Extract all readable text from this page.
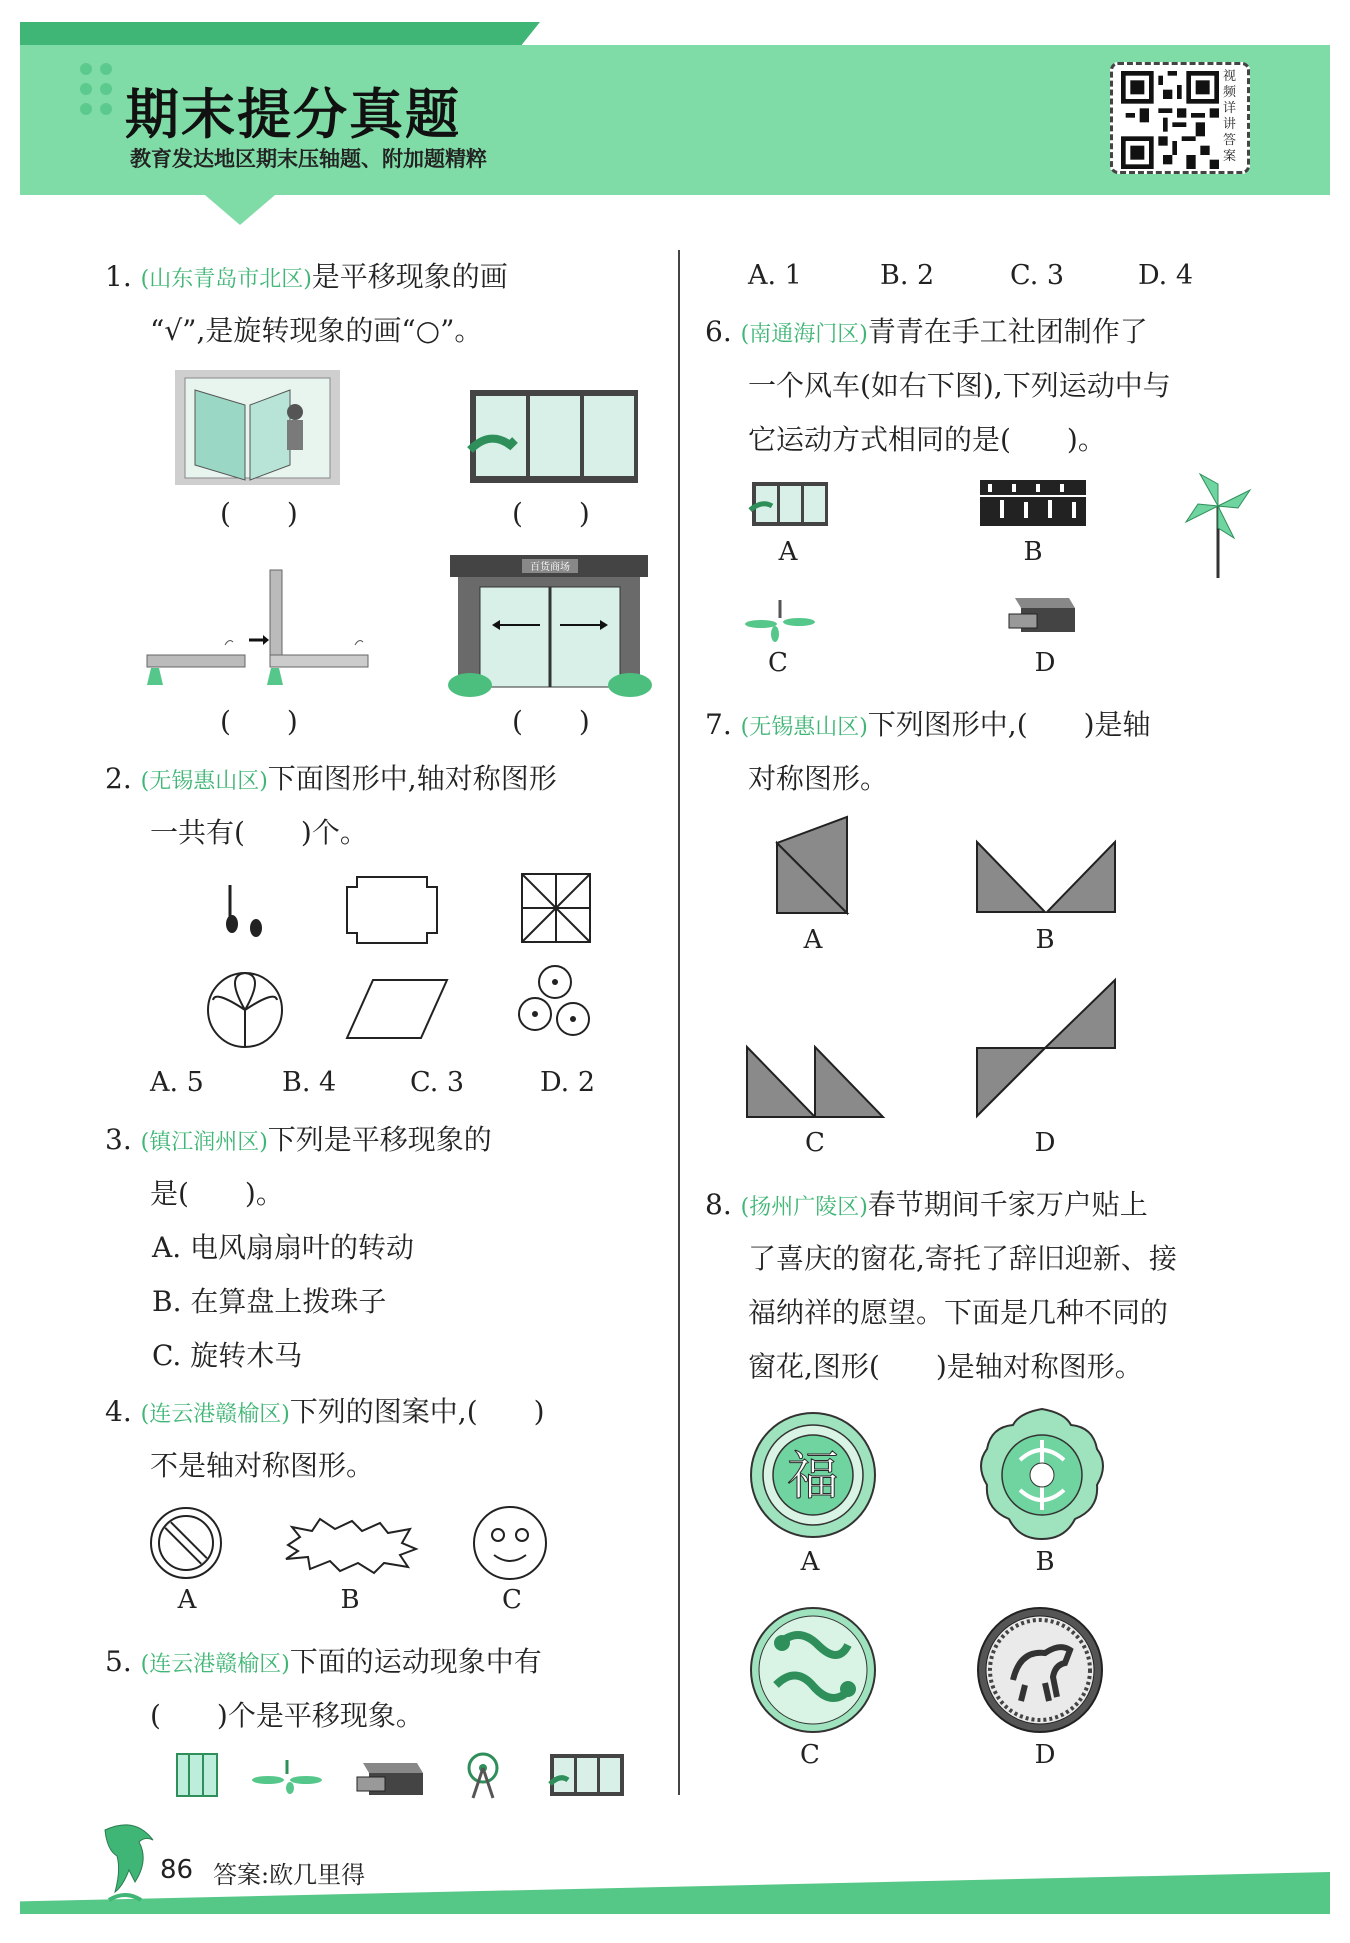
期末提分真题
教育发达地区期末压轴题、附加题精粹
视频详讲答案
1. (山东青岛市北区)是平移现象的画
“√”,是旋转现象的画“○”。
(　　)	(　　)
(　　)
百货商场
(　　)
2. (无锡惠山区)下面图形中,轴对称图形
一共有(　　)个。
A. 5	B. 4	C. 3	D. 2
3. (镇江润州区)下列是平移现象的
是(　　)。
A. 电风扇扇叶的转动
B. 在算盘上拨珠子
C. 旋转木马
4. (连云港赣榆区)下列的图案中,(　　)
不是轴对称图形。
A	B	C
5. (连云港赣榆区)下面的运动现象中有
(　　)个是平移现象。
A. 1	B. 2	C. 3	D. 4
6. (南通海门区)青青在手工社团制作了
一个风车(如右下图),下列运动中与
它运动方式相同的是(　　)。
A	B
C	D
7. (无锡惠山区)下列图形中,(　　)是轴
对称图形。
A	B
C	D
8. (扬州广陵区)春节期间千家万户贴上
了喜庆的窗花,寄托了辞旧迎新、接
福纳祥的愿望。下面是几种不同的
窗花,图形(　　)是轴对称图形。
福
A	B
C	D
86 答案:欧几里得
